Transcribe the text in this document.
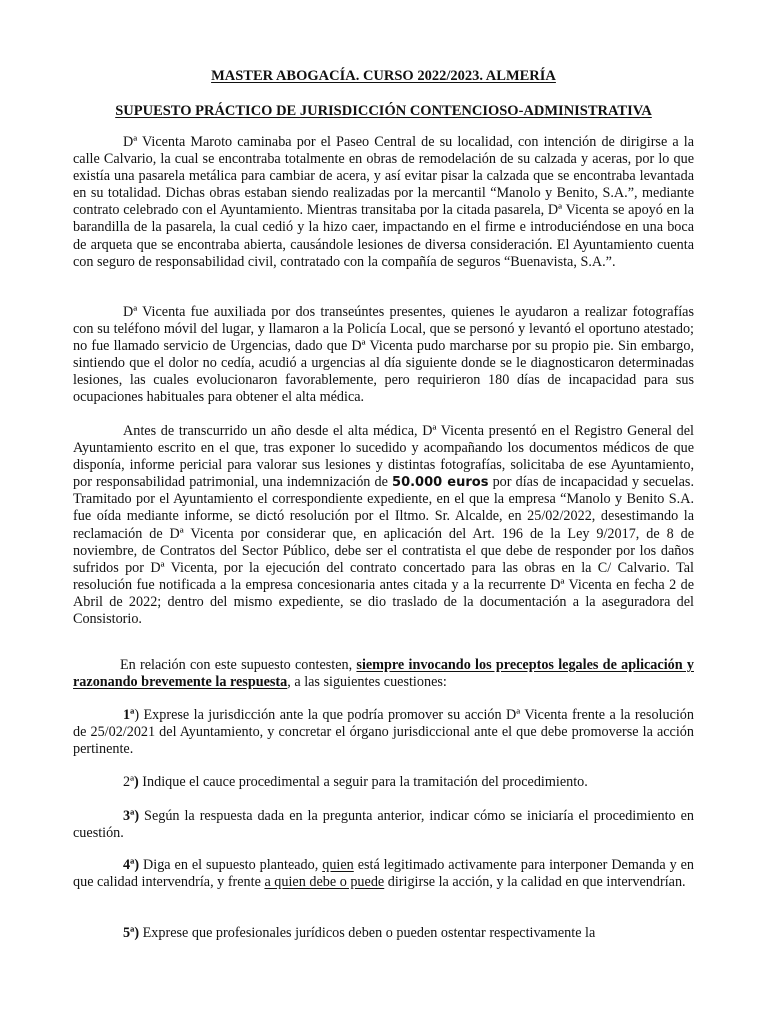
MASTER ABOGACÍA. CURSO 2022/2023. ALMERÍA
SUPUESTO PRÁCTICO DE JURISDICCIÓN CONTENCIOSO-ADMINISTRATIVA

Dª Vicenta Maroto caminaba por el Paseo Central de su localidad, con intención de dirigirse a la calle Calvario, la cual se encontraba totalmente en obras de remodelación de su calzada y aceras, por lo que existía una pasarela metálica para cambiar de acera, y así evitar pisar la calzada que se encontraba levantada en su totalidad. Dichas obras estaban siendo realizadas por la mercantil “Manolo y Benito, S.A.”, mediante contrato celebrado con el Ayuntamiento. Mientras transitaba por la citada pasarela, Dª Vicenta se apoyó en la barandilla de la pasarela, la cual cedió y la hizo caer, impactando en el firme e introduciéndose en una boca de arqueta que se encontraba abierta, causándole lesiones de diversa consideración. El Ayuntamiento cuenta con seguro de responsabilidad civil, contratado con la compañía de seguros “Buenavista, S.A.”.

Dª Vicenta fue auxiliada por dos transeúntes presentes, quienes le ayudaron a realizar fotografías con su teléfono móvil del lugar, y llamaron a la Policía Local, que se personó y levantó el oportuno atestado; no fue llamado servicio de Urgencias, dado que Dª Vicenta pudo marcharse por su propio pie. Sin embargo, sintiendo que el dolor no cedía, acudió a urgencias al día siguiente donde se le diagnosticaron determinadas lesiones, las cuales evolucionaron favorablemente, pero requirieron 180 días de incapacidad para sus ocupaciones habituales para obtener el alta médica.

Antes de transcurrido un año desde el alta médica, Dª Vicenta presentó en el Registro General del Ayuntamiento escrito en el que, tras exponer lo sucedido y acompañando los documentos médicos de que disponía, informe pericial para valorar sus lesiones y distintas fotografías, solicitaba de ese Ayuntamiento, por responsabilidad patrimonial, una indemnización de 50.000 euros por días de incapacidad y secuelas. Tramitado por el Ayuntamiento el correspondiente expediente, en el que la empresa “Manolo y Benito S.A. fue oída mediante informe, se dictó resolución por el Iltmo. Sr. Alcalde, en 25/02/2022, desestimando la reclamación de Dª Vicenta por considerar que, en aplicación del Art. 196 de la Ley 9/2017, de 8 de noviembre, de Contratos del Sector Público, debe ser el contratista el que debe de responder por los daños sufridos por Dª Vicenta, por la ejecución del contrato concertado para las obras en la C/ Calvario. Tal resolución fue notificada a la empresa concesionaria antes citada y a la recurrente Dª Vicenta en fecha 2 de Abril de 2022; dentro del mismo expediente, se dio traslado de la documentación a la aseguradora del Consistorio.

En relación con este supuesto contesten, siempre invocando los preceptos legales de aplicación y razonando brevemente la respuesta, a las siguientes cuestiones:

1ª) Exprese la jurisdicción ante la que podría promover su acción Dª Vicenta frente a la resolución de 25/02/2021 del Ayuntamiento, y concretar el órgano jurisdiccional ante el que debe promoverse la acción pertinente.

2ª) Indique el cauce procedimental a seguir para la tramitación del procedimiento.

3ª) Según la respuesta dada en la pregunta anterior, indicar cómo se iniciaría el procedimiento en cuestión.

4ª) Diga en el supuesto planteado, quien está legitimado activamente para interponer Demanda y en que calidad intervendría, y frente a quien debe o puede dirigirse la acción, y la calidad en que intervendrían.

5ª) Exprese que profesionales jurídicos deben o pueden ostentar respectivamente la
